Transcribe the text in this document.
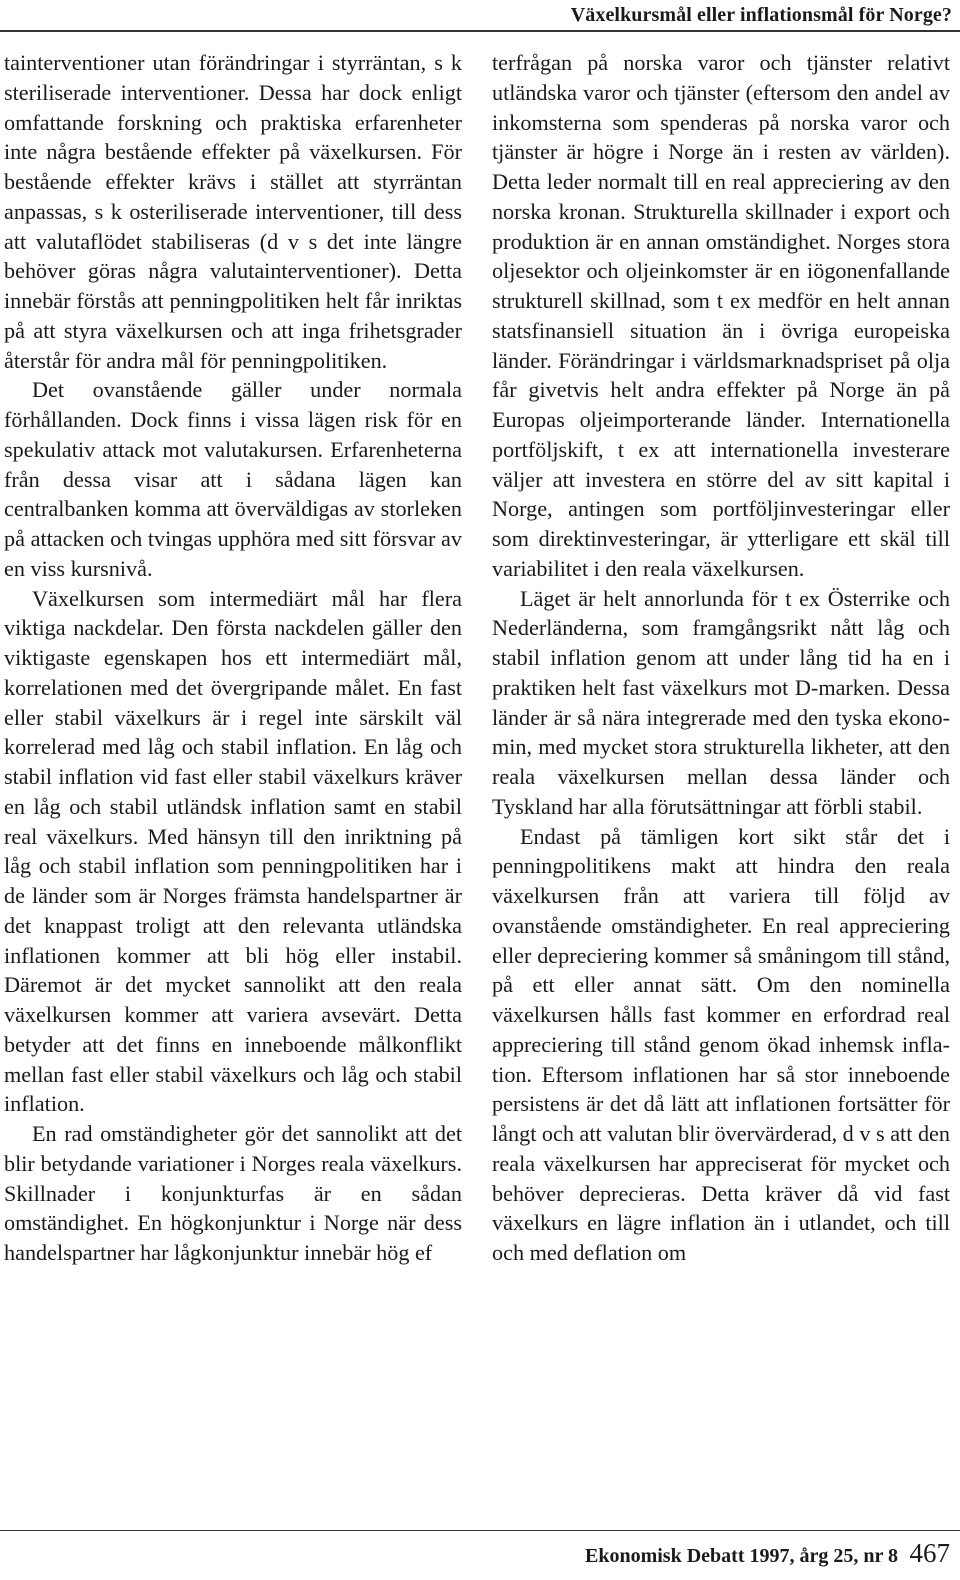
Växelkursmål eller inflationsmål för Norge?

tainterventioner utan förändringar i styrräntan, s k steriliserade interventioner. Dessa har dock enligt omfattande forskning och praktiska erfarenheter inte några bestående effekter på växelkursen. För bestående effekter krävs i stället att styrräntan anpassas, s k osteriliserade interventioner, till dess att valutaflödet stabiliseras (d v s det inte längre behöver göras några valutainterventioner). Detta innebär förstås att penningpolitiken helt får inriktas på att styra växelkursen och att inga frihetsgrader återstår för andra mål för penningpolitiken.

Det ovanstående gäller under normala förhållanden. Dock finns i vissa lägen risk för en spekulativ attack mot valutakursen. Erfarenheterna från dessa visar att i sådana lägen kan centralbanken komma att överväldigas av storleken på attacken och tvingas upphöra med sitt försvar av en viss kursnivå.

Växelkursen som intermediärt mål har flera viktiga nackdelar. Den första nackdelen gäller den viktigaste egenskapen hos ett intermediärt mål, korrelationen med det övergripande målet. En fast eller stabil växelkurs är i regel inte särskilt väl korrelerad med låg och stabil inflation. En låg och stabil inflation vid fast eller stabil växelkurs kräver en låg och stabil utländsk inflation samt en stabil real växelkurs. Med hänsyn till den inriktning på låg och stabil inflation som penningpolitiken har i de länder som är Norges främsta handelspartner är det knappast troligt att den relevanta utländska inflationen kommer att bli hög eller instabil. Däremot är det mycket sannolikt att den reala växelkursen kommer att variera avsevärt. Detta betyder att det finns en inneboende målkonflikt mellan fast eller stabil växelkurs och låg och stabil inflation.

En rad omständigheter gör det sannolikt att det blir betydande variationer i Norges reala växelkurs. Skillnader i konjunkturfas är en sådan omständighet. En högkonjunktur i Norge när dess handelspartner har lågkonjunktur innebär hög ef

terfrågan på norska varor och tjänster relativt utländska varor och tjänster (eftersom den andel av inkomsterna som spenderas på norska varor och tjänster är högre i Norge än i resten av världen). Detta leder normalt till en real appreciering av den norska kronan. Strukturella skillnader i export och produktion är en annan omständighet. Norges stora oljesektor och oljeinkomster är en iögonenfallande strukturell skillnad, som t ex medför en helt annan statsfinansiell situation än i övriga europeiska länder. Förändringar i världsmarknadspriset på olja får givetvis helt andra effekter på Norge än på Europas oljeimporterande länder. Internationella portföljskift, t ex att internationella investerare väljer att investera en större del av sitt kapital i Norge, antingen som portföljinvesteringar eller som direktinvesteringar, är ytterligare ett skäl till variabilitet i den reala växelkursen.

Läget är helt annorlunda för t ex Österrike och Nederländerna, som framgångsrikt nått låg och stabil inflation genom att under lång tid ha en i praktiken helt fast växelkurs mot D-marken. Dessa länder är så nära integrerade med den tyska ekonomin, med mycket stora strukturella likheter, att den reala växelkursen mellan dessa länder och Tyskland har alla förutsättningar att förbli stabil.

Endast på tämligen kort sikt står det i penningpolitikens makt att hindra den reala växelkursen från att variera till följd av ovanstående omständigheter. En real appreciering eller depreciering kommer så småningom till stånd, på ett eller annat sätt. Om den nominella växelkursen hålls fast kommer en erfordrad real appreciering till stånd genom ökad inhemsk inflation. Eftersom inflationen har så stor inneboende persistens är det då lätt att inflationen fortsätter för långt och att valutan blir övervärderad, d v s att den reala växelkursen har appreciserat för mycket och behöver deprecieras. Detta kräver då vid fast växelkurs en lägre inflation än i utlandet, och till och med deflation om

Ekonomisk Debatt 1997, årg 25, nr 8 467
